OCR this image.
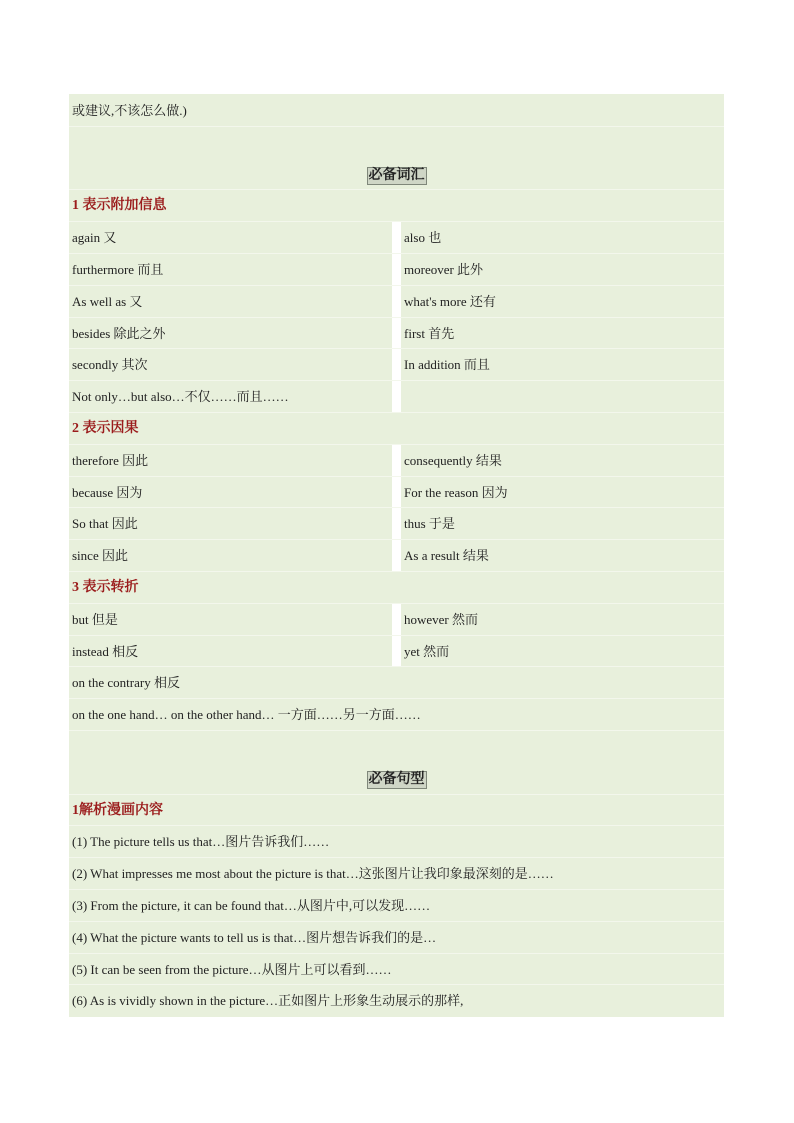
或建议,不该怎么做.)
必备词汇
1 表示附加信息
again 又	also 也
furthermore 而且	moreover 此外
As well as 又	what's more 还有
besides 除此之外	first 首先
secondly 其次	In addition 而且
Not only…but also…不仅……而且……
2 表示因果
therefore 因此	consequently 结果
because 因为	For the reason 因为
So that 因此	thus 于是
since 因此	As a result 结果
3 表示转折
but 但是	however 然而
instead 相反	yet 然而
on the contrary 相反
on the one hand… on the other hand… 一方面……另一方面……
必备句型
1解析漫画内容
(1) The picture tells us that…图片告诉我们……
(2) What impresses me most about the picture is that…这张图片让我印象最深刻的是……
(3) From the picture, it can be found that…从图片中,可以发现……
(4) What the picture wants to tell us is that…图片想告诉我们的是…
(5) It can be seen from the picture…从图片上可以看到……
(6) As is vividly shown in the picture…正如图片上形象生动展示的那样,
